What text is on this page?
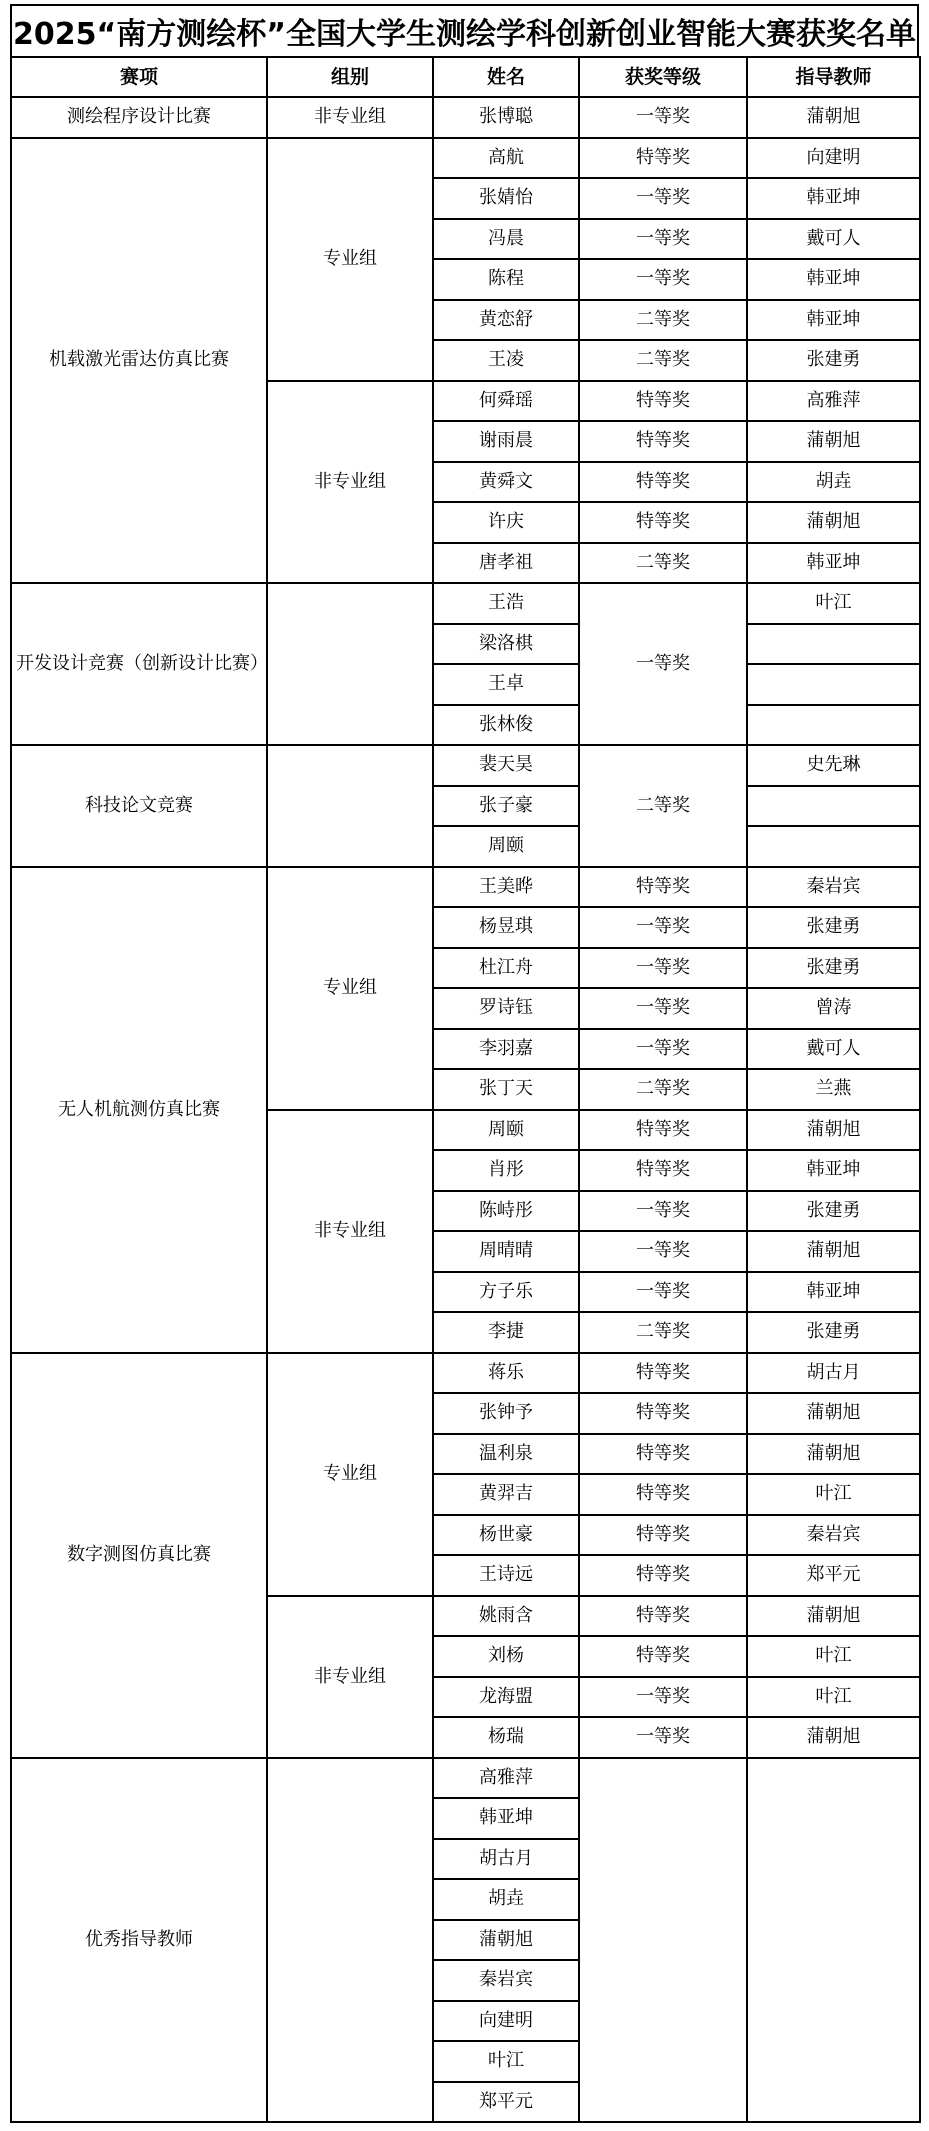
2025“南方测绘杯”全国大学生测绘学科创新创业智能大赛获奖名单
赛项	组别	姓名	获奖等级	指导教师
测绘程序设计比赛	非专业组	张博聪	一等奖	蒲朝旭
机载激光雷达仿真比赛	专业组	高航	特等奖	向建明
		张婧怡	一等奖	韩亚坤
		冯晨	一等奖	戴可人
		陈程	一等奖	韩亚坤
		黄恋舒	二等奖	韩亚坤
		王凌	二等奖	张建勇
	非专业组	何舜瑶	特等奖	高雅萍
		谢雨晨	特等奖	蒲朝旭
		黄舜文	特等奖	胡垚
		许庆	特等奖	蒲朝旭
		唐孝祖	二等奖	韩亚坤
开发设计竞赛（创新设计比赛）		王浩	一等奖	叶江
		梁洛棋		
		王卓		
		张林俊		
科技论文竞赛		裴天昊	二等奖	史先琳
		张子豪		
		周颐		
无人机航测仿真比赛	专业组	王美晔	特等奖	秦岩宾
		杨昱琪	一等奖	张建勇
		杜江舟	一等奖	张建勇
		罗诗钰	一等奖	曾涛
		李羽嘉	一等奖	戴可人
		张丁天	二等奖	兰燕
	非专业组	周颐	特等奖	蒲朝旭
		肖彤	特等奖	韩亚坤
		陈峙彤	一等奖	张建勇
		周晴晴	一等奖	蒲朝旭
		方子乐	一等奖	韩亚坤
		李捷	二等奖	张建勇
数字测图仿真比赛	专业组	蒋乐	特等奖	胡古月
		张钟予	特等奖	蒲朝旭
		温利泉	特等奖	蒲朝旭
		黄羿吉	特等奖	叶江
		杨世豪	特等奖	秦岩宾
		王诗远	特等奖	郑平元
	非专业组	姚雨含	特等奖	蒲朝旭
		刘杨	特等奖	叶江
		龙海盟	一等奖	叶江
		杨瑞	一等奖	蒲朝旭
优秀指导教师		高雅萍		
		韩亚坤		
		胡古月		
		胡垚		
		蒲朝旭		
		秦岩宾		
		向建明		
		叶江		
		郑平元		
